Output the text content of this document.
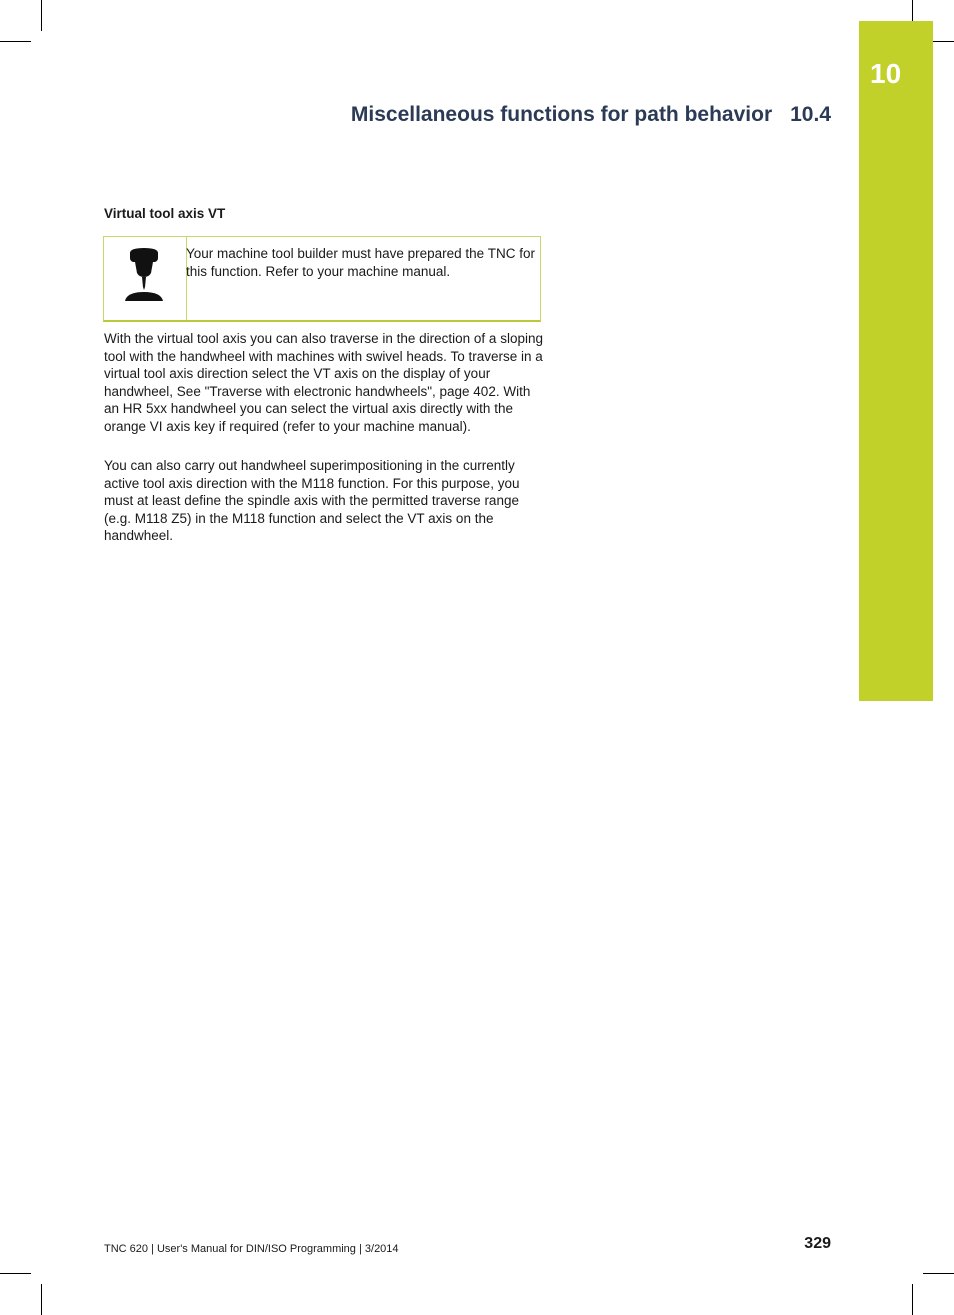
10
Miscellaneous functions for path behavior 10.4
Virtual tool axis VT
Your machine tool builder must have prepared the TNC for this function. Refer to your machine manual.

With the virtual tool axis you can also traverse in the direction of a sloping tool with the handwheel with machines with swivel heads. To traverse in a virtual tool axis direction select the VT axis on the display of your handwheel, See "Traverse with electronic handwheels", page 402. With an HR 5xx handwheel you can select the virtual axis directly with the orange VI axis key if required (refer to your machine manual).

You can also carry out handwheel superimpositioning in the currently active tool axis direction with the M118 function. For this purpose, you must at least define the spindle axis with the permitted traverse range (e.g. M118 Z5) in the M118 function and select the VT axis on the handwheel.

TNC 620 | User's Manual for DIN/ISO Programming | 3/2014	329
